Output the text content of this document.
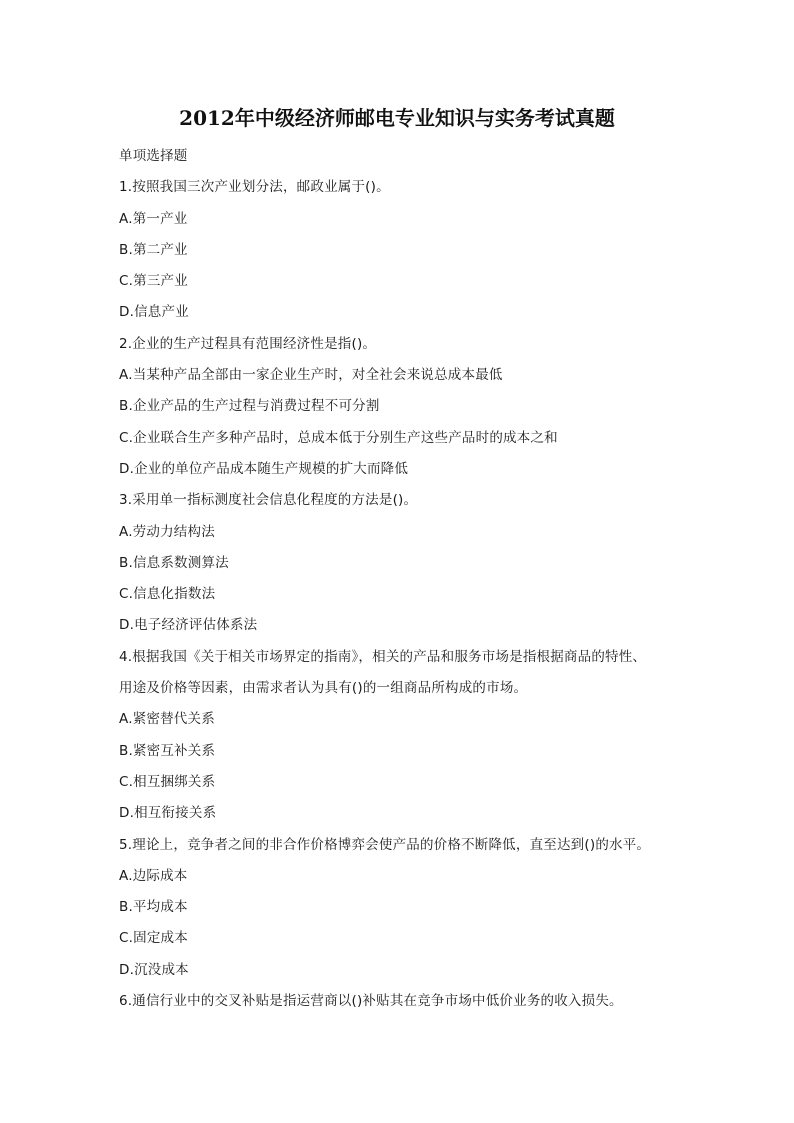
2012年中级经济师邮电专业知识与实务考试真题
单项选择题
1.按照我国三次产业划分法，邮政业属于()。
A.第一产业
B.第二产业
C.第三产业
D.信息产业
2.企业的生产过程具有范围经济性是指()。
A.当某种产品全部由一家企业生产时，对全社会来说总成本最低
B.企业产品的生产过程与消费过程不可分割
C.企业联合生产多种产品时，总成本低于分别生产这些产品时的成本之和
D.企业的单位产品成本随生产规模的扩大而降低
3.采用单一指标测度社会信息化程度的方法是()。
A.劳动力结构法
B.信息系数测算法
C.信息化指数法
D.电子经济评估体系法
4.根据我国《关于相关市场界定的指南》，相关的产品和服务市场是指根据商品的特性、
用途及价格等因素，由需求者认为具有()的一组商品所构成的市场。
A.紧密替代关系
B.紧密互补关系
C.相互捆绑关系
D.相互衔接关系
5.理论上，竞争者之间的非合作价格博弈会使产品的价格不断降低，直至达到()的水平。
A.边际成本
B.平均成本
C.固定成本
D.沉没成本
6.通信行业中的交叉补贴是指运营商以()补贴其在竞争市场中低价业务的收入损失。
